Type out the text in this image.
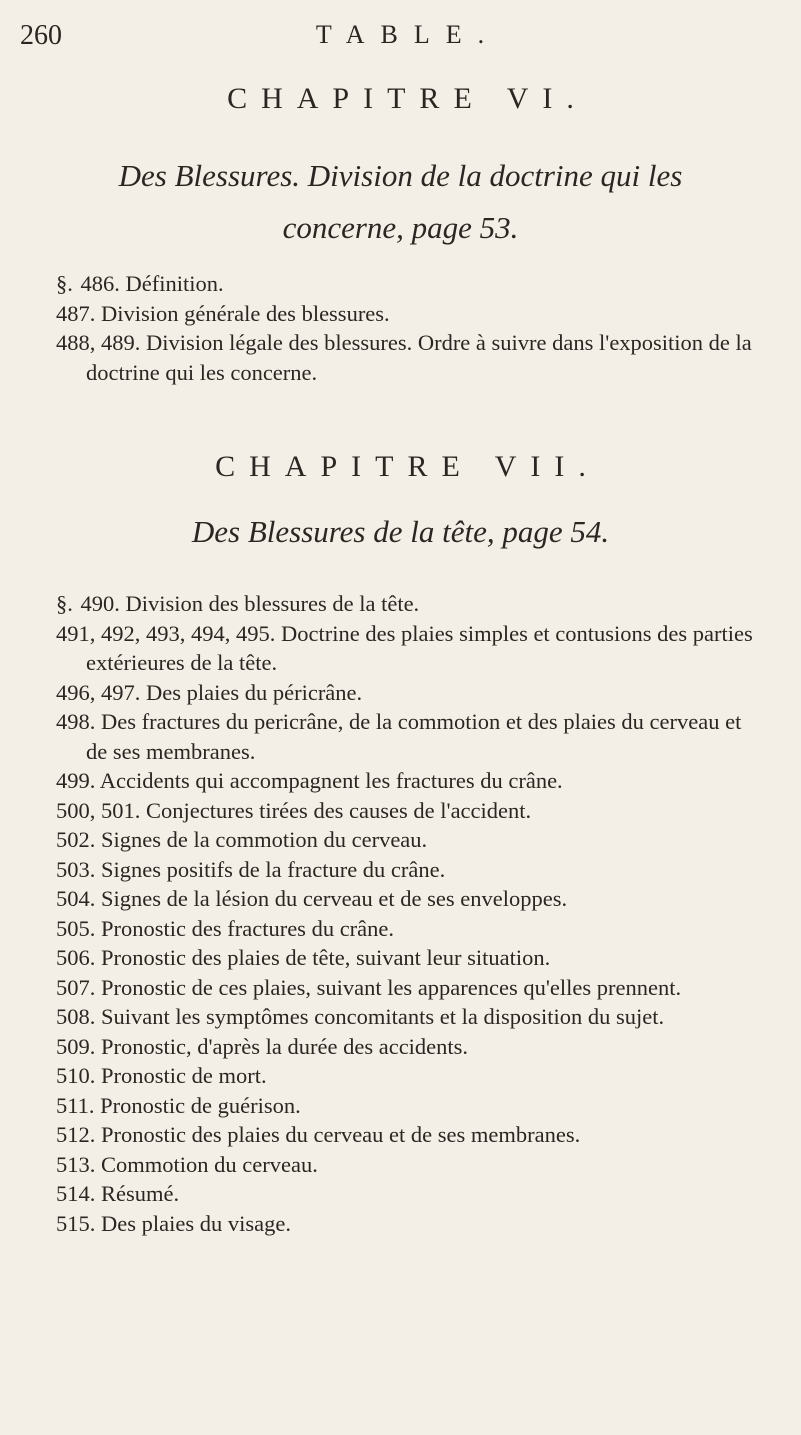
260	TABLE.
CHAPITRE VI.
Des Blessures. Division de la doctrine qui les
concerne, page 53.
§. 486. Définition.
487. Division générale des blessures.
488, 489. Division légale des blessures. Ordre à suivre dans l'exposition de la doctrine qui les concerne.
CHAPITRE VII.
Des Blessures de la tête, page 54.
§. 490. Division des blessures de la tête.
491, 492, 493, 494, 495. Doctrine des plaies simples et contusions des parties extérieures de la tête.
496, 497. Des plaies du péricrâne.
498. Des fractures du pericrâne, de la commotion et des plaies du cerveau et de ses membranes.
499. Accidents qui accompagnent les fractures du crâne.
500, 501. Conjectures tirées des causes de l'accident.
502. Signes de la commotion du cerveau.
503. Signes positifs de la fracture du crâne.
504. Signes de la lésion du cerveau et de ses enveloppes.
505. Pronostic des fractures du crâne.
506. Pronostic des plaies de tête, suivant leur situation.
507. Pronostic de ces plaies, suivant les apparences qu'elles prennent.
508. Suivant les symptômes concomitants et la disposition du sujet.
509. Pronostic, d'après la durée des accidents.
510. Pronostic de mort.
511. Pronostic de guérison.
512. Pronostic des plaies du cerveau et de ses membranes.
513. Commotion du cerveau.
514. Résumé.
515. Des plaies du visage.
